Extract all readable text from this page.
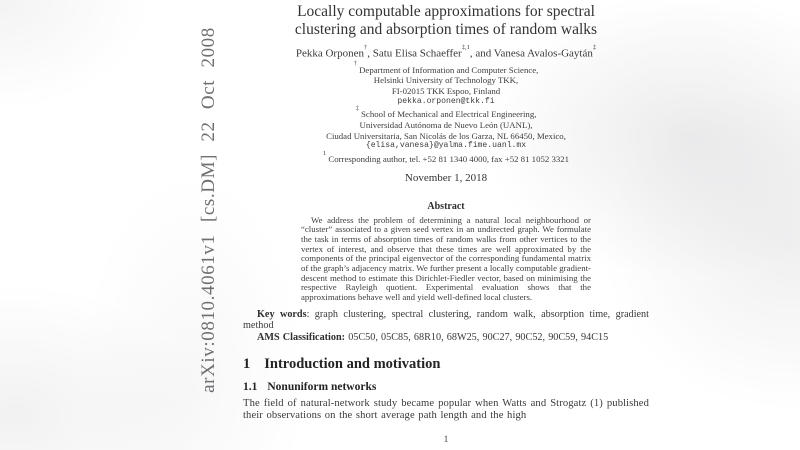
arXiv:0810.4061v1 [cs.DM] 22 Oct 2008
Locally computable approximations for spectral clustering and absorption times of random walks
Pekka Orponen†, Satu Elisa Schaeffer$^{\ddagger,1}$, and Vanesa Avalos-Gaytán‡
† Department of Information and Computer Science,
Helsinki University of Technology TKK,
FI-02015 TKK Espoo, Finland
pekka.orponen@tkk.fi
‡ School of Mechanical and Electrical Engineering,
Universidad Autónoma de Nuevo León (UANL),
Ciudad Universitaria, San Nicolás de los Garza, NL 66450, Mexico,
{elisa,vanesa}@yalma.fime.uanl.mx
$^1$ Corresponding author, tel. +52 81 1340 4000, fax +52 81 1052 3321
November 1, 2018
Abstract

We address the problem of determining a natural local neighbourhood or “cluster” associated to a given seed vertex in an undirected graph. We formulate the task in terms of absorption times of random walks from other vertices to the vertex of interest, and observe that these times are well approximated by the components of the principal eigenvector of the corresponding fundamental matrix of the graph’s adjacency matrix. We further present a locally computable gradient-descent method to estimate this Dirichlet-Fiedler vector, based on minimising the respective Rayleigh quotient. Experimental evaluation shows that the approximations behave well and yield well-defined local clusters.

Key words: graph clustering, spectral clustering, random walk, absorption time, gradient method

AMS Classification: 05C50, 05C85, 68R10, 68W25, 90C27, 90C52, 90C59, 94C15

1 Introduction and motivation
1.1 Nonuniform networks

The field of natural-network study became popular when Watts and Strogatz (1) published their observations on the short average path length and the high

1
